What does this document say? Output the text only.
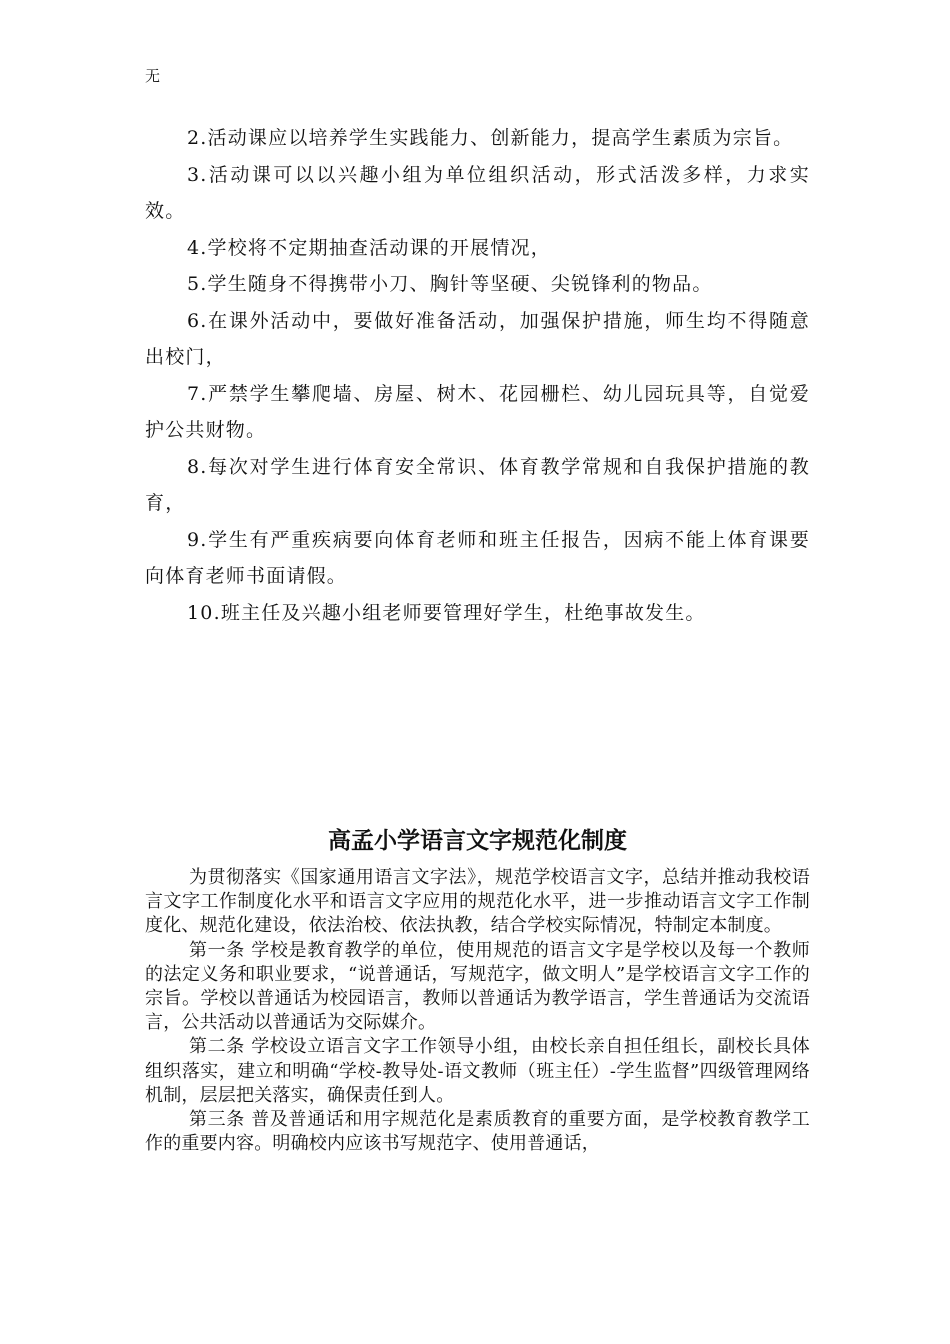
无

2.活动课应以培养学生实践能力、创新能力，提高学生素质为宗旨。

3.活动课可以以兴趣小组为单位组织活动，形式活泼多样，力求实效。

4.学校将不定期抽查活动课的开展情况，

5.学生随身不得携带小刀、胸针等坚硬、尖锐锋利的物品。

6.在课外活动中，要做好准备活动，加强保护措施，师生均不得随意出校门，

7.严禁学生攀爬墙、房屋、树木、花园栅栏、幼儿园玩具等，自觉爱护公共财物。

8.每次对学生进行体育安全常识、体育教学常规和自我保护措施的教育，

9.学生有严重疾病要向体育老师和班主任报告，因病不能上体育课要向体育老师书面请假。

10.班主任及兴趣小组老师要管理好学生，杜绝事故发生。

高孟小学语言文字规范化制度

为贯彻落实《国家通用语言文字法》，规范学校语言文字，总结并推动我校语言文字工作制度化水平和语言文字应用的规范化水平，进一步推动语言文字工作制度化、规范化建设，依法治校、依法执教，结合学校实际情况，特制定本制度。

第一条 学校是教育教学的单位，使用规范的语言文字是学校以及每一个教师的法定义务和职业要求，“说普通话，写规范字，做文明人”是学校语言文字工作的宗旨。学校以普通话为校园语言，教师以普通话为教学语言，学生普通话为交流语言，公共活动以普通话为交际媒介。

第二条 学校设立语言文字工作领导小组，由校长亲自担任组长，副校长具体组织落实，建立和明确“学校-教导处-语文教师（班主任）-学生监督”四级管理网络机制，层层把关落实，确保责任到人。

第三条 普及普通话和用字规范化是素质教育的重要方面，是学校教育教学工作的重要内容。明确校内应该书写规范字、使用普通话，
